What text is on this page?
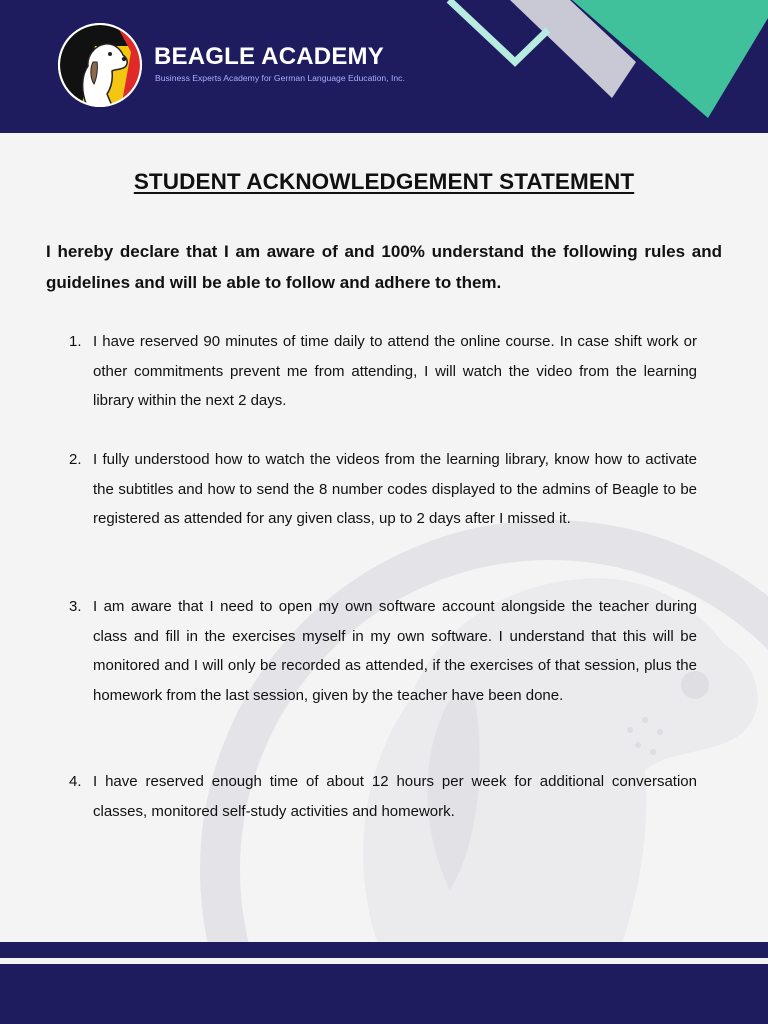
BEAGLE ACADEMY
Business Experts Academy for German Language Education, Inc.
STUDENT ACKNOWLEDGEMENT STATEMENT
I hereby declare that I am aware of and 100% understand the following rules and guidelines and will be able to follow and adhere to them.
1. I have reserved 90 minutes of time daily to attend the online course. In case shift work or other commitments prevent me from attending, I will watch the video from the learning library within the next 2 days.
2. I fully understood how to watch the videos from the learning library, know how to activate the subtitles and how to send the 8 number codes displayed to the admins of Beagle to be registered as attended for any given class, up to 2 days after I missed it.
3. I am aware that I need to open my own software account alongside the teacher during class and fill in the exercises myself in my own software. I understand that this will be monitored and I will only be recorded as attended, if the exercises of that session, plus the homework from the last session, given by the teacher have been done.
4. I have reserved enough time of about 12 hours per week for additional conversation classes, monitored self-study activities and homework.
